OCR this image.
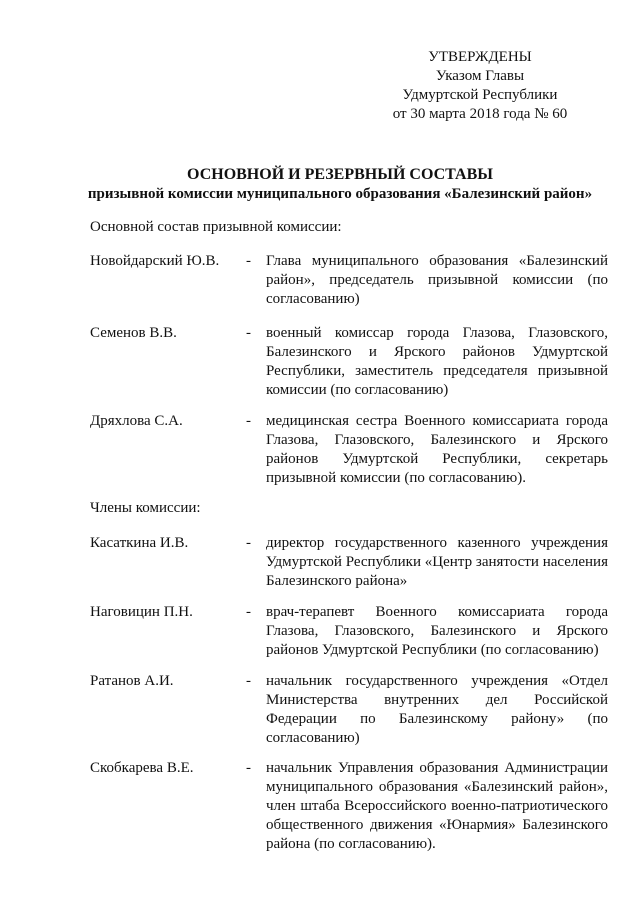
УТВЕРЖДЕНЫ
Указом Главы
Удмуртской Республики
от 30 марта 2018 года № 60
ОСНОВНОЙ И РЕЗЕРВНЫЙ СОСТАВЫ
призывной комиссии муниципального образования «Балезинский район»
Основной состав призывной комиссии:
Новойдарский Ю.В. - Глава муниципального образования «Балезинский район», председатель призывной комиссии (по согласованию)
Семенов В.В.	- военный комиссар города Глазова, Глазовского, Балезинского и Ярского районов Удмуртской Республики, заместитель председателя призывной комиссии (по согласованию)
Дряхлова С.А.	- медицинская сестра Военного комиссариата города Глазова, Глазовского, Балезинского и Ярского районов Удмуртской Республики, секретарь призывной комиссии (по согласованию).
Члены комиссии:
Касаткина И.В.	- директор государственного казенного учреждения Удмуртской Республики «Центр занятости населения Балезинского района»
Наговицин П.Н.	- врач-терапевт Военного комиссариата города Глазова, Глазовского, Балезинского и Ярского районов Удмуртской Республики (по согласованию)
Ратанов А.И.	- начальник государственного учреждения «Отдел Министерства внутренних дел Российской Федерации по Балезинскому району» (по согласованию)
Скобкарева В.Е.	- начальник Управления образования Администрации муниципального образования «Балезинский район», член штаба Всероссийского военно-патриотического общественного движения «Юнармия» Балезинского района (по согласованию).
